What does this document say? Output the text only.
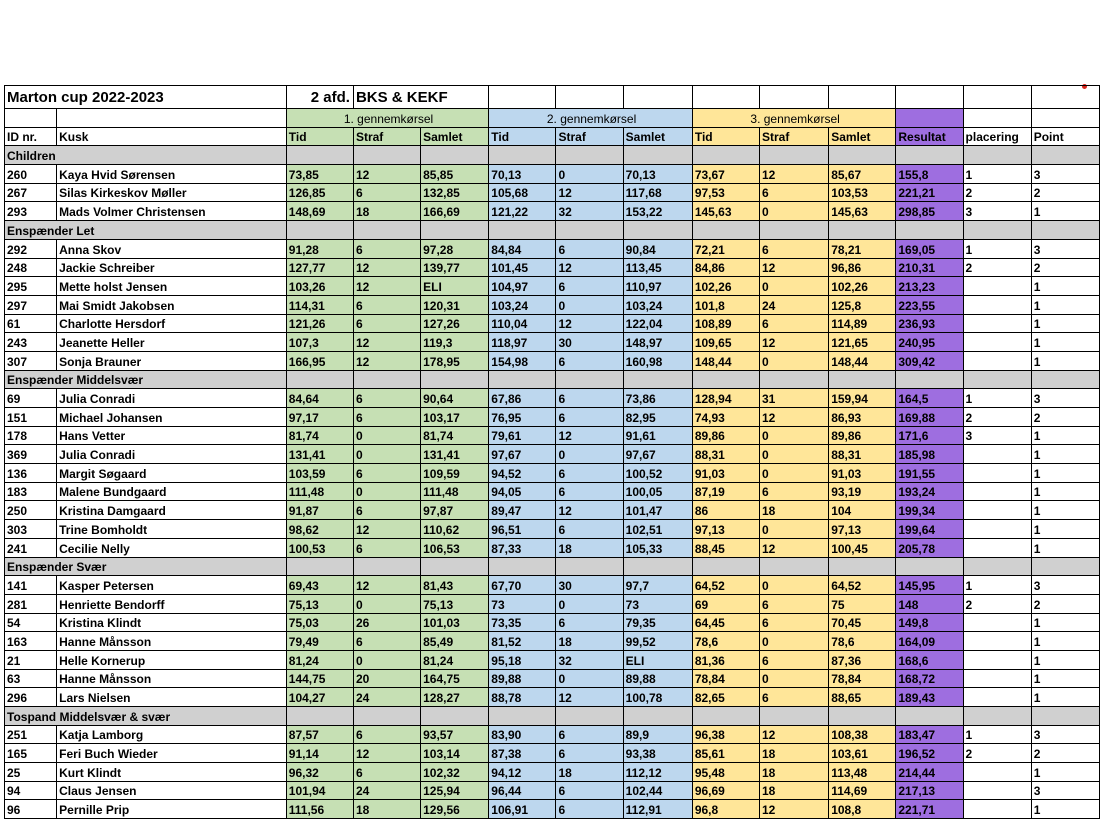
Marton cup 2022-2023		2 afd.	BKS & KEKF										
		1. gennemkørsel			2. gennemkørsel			3. gennemkørsel					
ID nr.	Kusk	Tid	Straf	Samlet	Tid	Straf	Samlet	Tid	Straf	Samlet	Resultat	placering	Point
Children													
260	Kaya Hvid Sørensen	73,85	12	85,85	70,13	0	70,13	73,67	12	85,67	155,8	1	3
267	Silas Kirkeskov Møller	126,85	6	132,85	105,68	12	117,68	97,53	6	103,53	221,21	2	2
293	Mads Volmer Christensen	148,69	18	166,69	121,22	32	153,22	145,63	0	145,63	298,85	3	1
Enspænder Let													
292	Anna Skov	91,28	6	97,28	84,84	6	90,84	72,21	6	78,21	169,05	1	3
248	Jackie Schreiber	127,77	12	139,77	101,45	12	113,45	84,86	12	96,86	210,31	2	2
295	Mette holst Jensen	103,26	12	ELI	104,97	6	110,97	102,26	0	102,26	213,23		1
297	Mai Smidt Jakobsen	114,31	6	120,31	103,24	0	103,24	101,8	24	125,8	223,55		1
61	Charlotte Hersdorf	121,26	6	127,26	110,04	12	122,04	108,89	6	114,89	236,93		1
243	Jeanette Heller	107,3	12	119,3	118,97	30	148,97	109,65	12	121,65	240,95		1
307	Sonja Brauner	166,95	12	178,95	154,98	6	160,98	148,44	0	148,44	309,42		1
Enspænder Middelsvær													
69	Julia Conradi	84,64	6	90,64	67,86	6	73,86	128,94	31	159,94	164,5	1	3
151	Michael Johansen	97,17	6	103,17	76,95	6	82,95	74,93	12	86,93	169,88	2	2
178	Hans Vetter	81,74	0	81,74	79,61	12	91,61	89,86	0	89,86	171,6	3	1
369	Julia Conradi	131,41	0	131,41	97,67	0	97,67	88,31	0	88,31	185,98		1
136	Margit Søgaard	103,59	6	109,59	94,52	6	100,52	91,03	0	91,03	191,55		1
183	Malene Bundgaard	111,48	0	111,48	94,05	6	100,05	87,19	6	93,19	193,24		1
250	Kristina Damgaard	91,87	6	97,87	89,47	12	101,47	86	18	104	199,34		1
303	Trine Bomholdt	98,62	12	110,62	96,51	6	102,51	97,13	0	97,13	199,64		1
241	Cecilie Nelly	100,53	6	106,53	87,33	18	105,33	88,45	12	100,45	205,78		1
Enspænder Svær													
141	Kasper Petersen	69,43	12	81,43	67,70	30	97,7	64,52	0	64,52	145,95	1	3
281	Henriette Bendorff	75,13	0	75,13	73	0	73	69	6	75	148	2	2
54	Kristina Klindt	75,03	26	101,03	73,35	6	79,35	64,45	6	70,45	149,8		1
163	Hanne Månsson	79,49	6	85,49	81,52	18	99,52	78,6	0	78,6	164,09		1
21	Helle Kornerup	81,24	0	81,24	95,18	32	ELI	81,36	6	87,36	168,6		1
63	Hanne Månsson	144,75	20	164,75	89,88	0	89,88	78,84	0	78,84	168,72		1
296	Lars Nielsen	104,27	24	128,27	88,78	12	100,78	82,65	6	88,65	189,43		1
Tospand Middelsvær & svær													
251	Katja Lamborg	87,57	6	93,57	83,90	6	89,9	96,38	12	108,38	183,47	1	3
165	Feri Buch Wieder	91,14	12	103,14	87,38	6	93,38	85,61	18	103,61	196,52	2	2
25	Kurt Klindt	96,32	6	102,32	94,12	18	112,12	95,48	18	113,48	214,44		1
94	Claus Jensen	101,94	24	125,94	96,44	6	102,44	96,69	18	114,69	217,13		3
96	Pernille Prip	111,56	18	129,56	106,91	6	112,91	96,8	12	108,8	221,71		1
